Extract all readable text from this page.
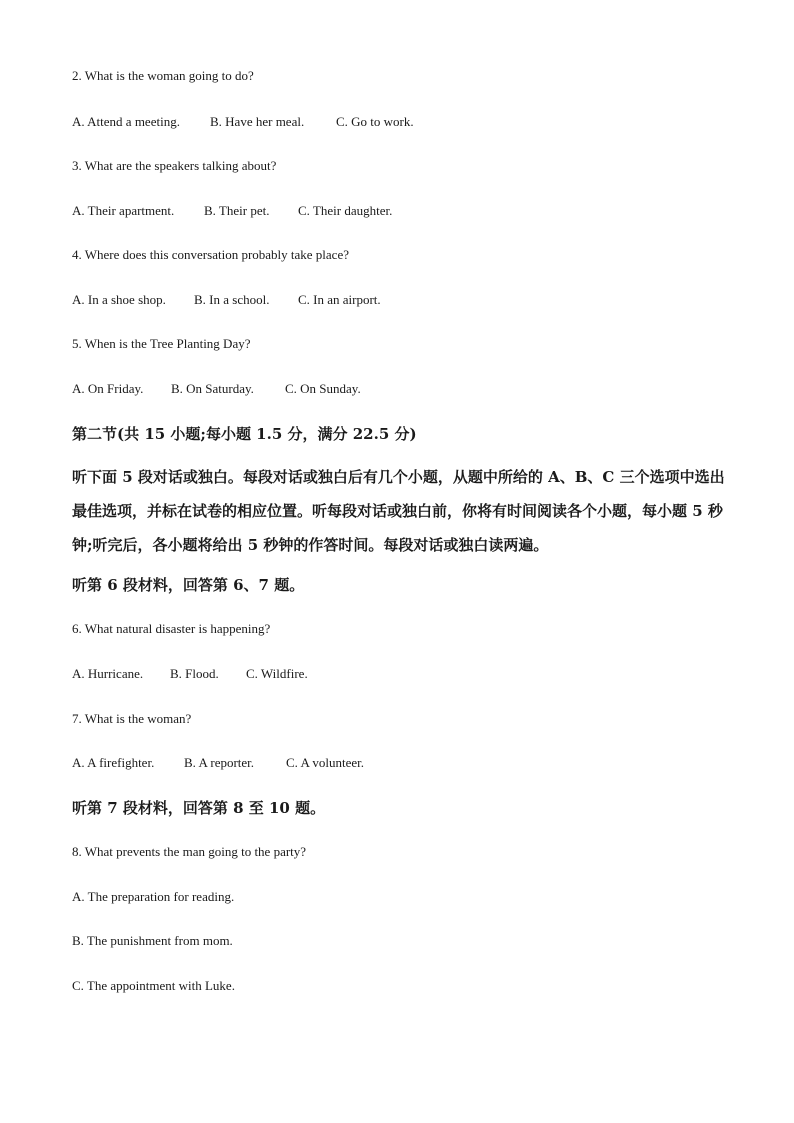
2. What is the woman going to do?
A. Attend a meeting. B. Have her meal. C. Go to work.
3. What are the speakers talking about?
A. Their apartment. B. Their pet. C. Their daughter.
4. Where does this conversation probably take place?
A. In a shoe shop. B. In a school. C. In an airport.
5. When is the Tree Planting Day?
A. On Friday. B. On Saturday. C. On Sunday.
第二节(共 15 小题;每小题 1.5 分，满分 22.5 分)
听下面 5 段对话或独白。每段对话或独白后有几个小题，从题中所给的 A、B、C 三个选项中选出最佳选项，并标在试卷的相应位置。听每段对话或独白前，你将有时间阅读各个小题，每小题 5 秒钟;听完后，各小题将给出 5 秒钟的作答时间。每段对话或独白读两遍。
听第 6 段材料，回答第 6、7 题。
6. What natural disaster is happening?
A. Hurricane. B. Flood. C. Wildfire.
7. What is the woman?
A. A firefighter. B. A reporter. C. A volunteer.
听第 7 段材料，回答第 8 至 10 题。
8. What prevents the man going to the party?
A. The preparation for reading.
B. The punishment from mom.
C. The appointment with Luke.
